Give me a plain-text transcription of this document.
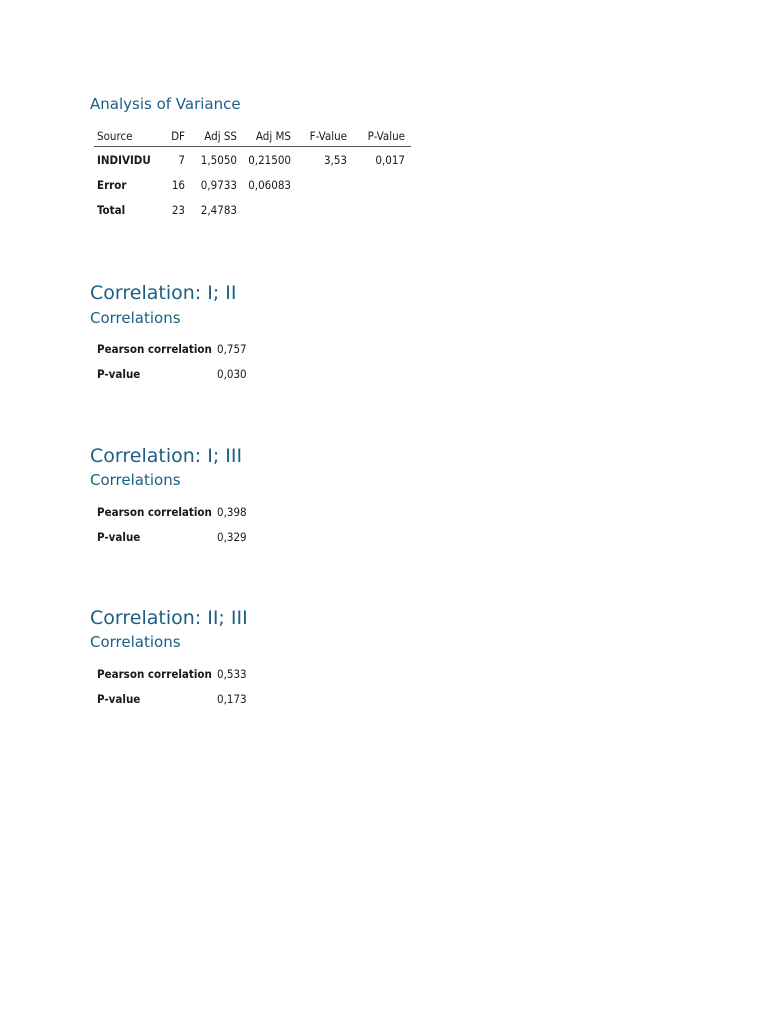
Analysis of Variance
Source	DF	Adj SS	Adj MS	F-Value	P-Value
INDIVIDU	7	1,5050	0,21500	3,53	0,017
Error	16	0,9733	0,06083		
Total	23	2,4783			
Correlation: I; II
Correlations
Pearson correlation	0,757
P-value	0,030
Correlation: I; III
Correlations
Pearson correlation	0,398
P-value	0,329
Correlation: II; III
Correlations
Pearson correlation	0,533
P-value	0,173
